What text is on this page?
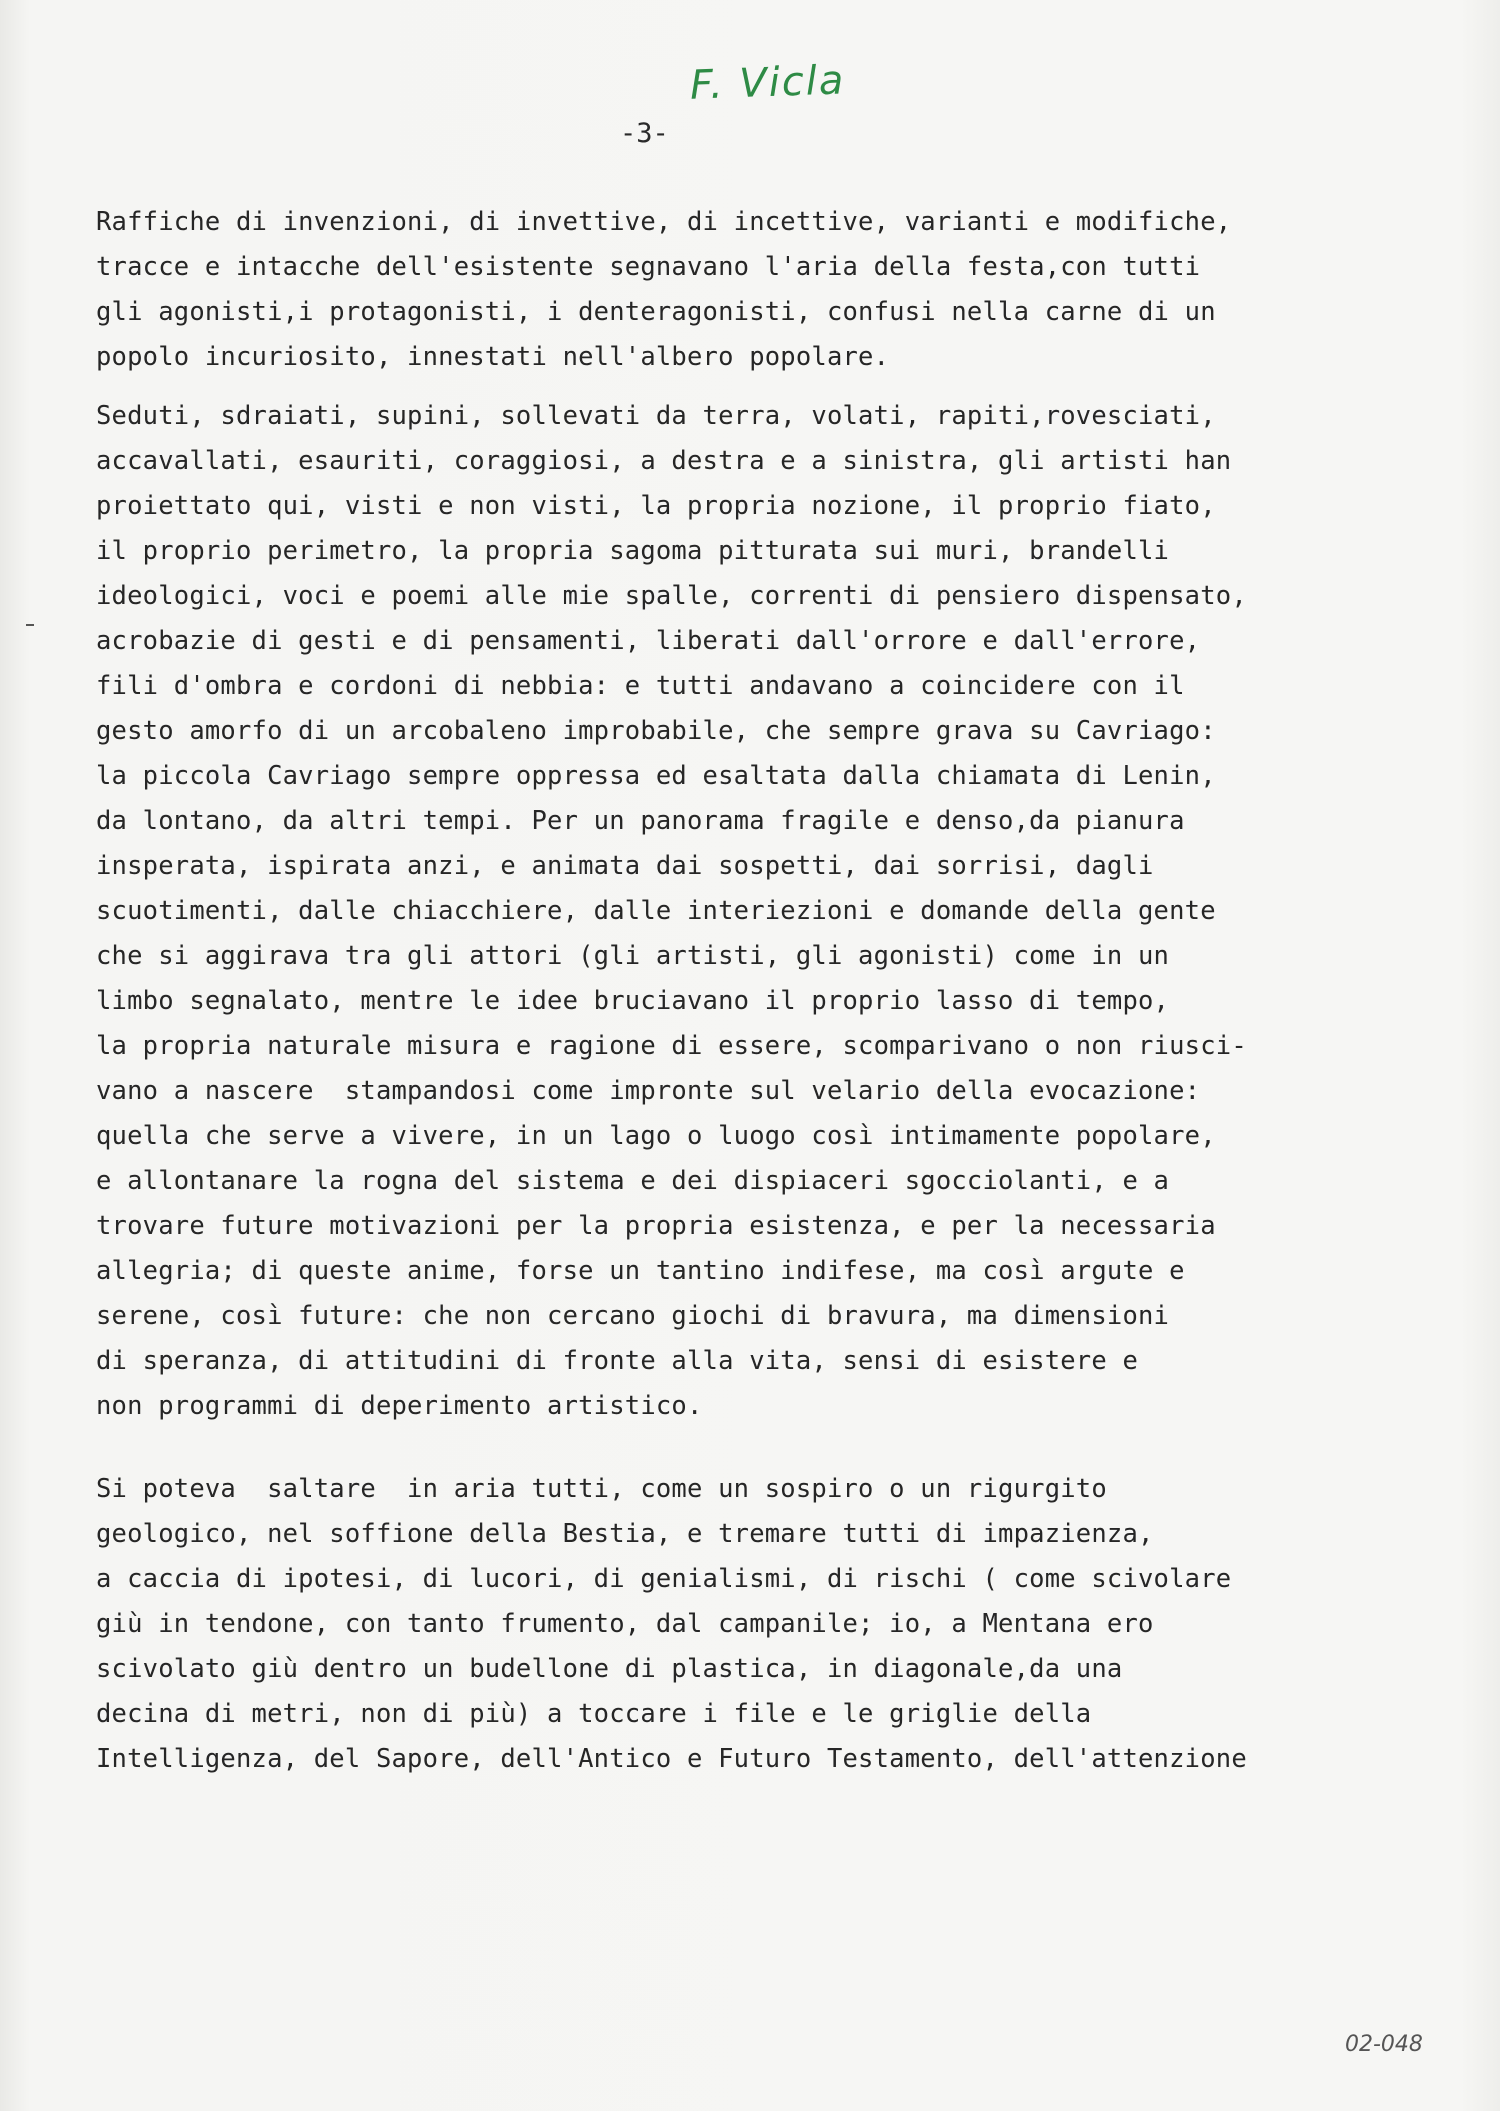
F. Vicla
-3-
Raffiche di invenzioni, di invettive, di incettive, varianti e modifiche,
tracce e intacche dell'esistente segnavano l'aria della festa,con tutti
gli agonisti,i protagonisti, i denteragonisti, confusi nella carne di un
popolo incuriosito, innestati nell'albero popolare.
Seduti, sdraiati, supini, sollevati da terra, volati, rapiti,rovesciati,
accavallati, esauriti, coraggiosi, a destra e a sinistra, gli artisti han
proiettato qui, visti e non visti, la propria nozione, il proprio fiato,
il proprio perimetro, la propria sagoma pitturata sui muri, brandelli
ideologici, voci e poemi alle mie spalle, correnti di pensiero dispensato,
acrobazie di gesti e di pensamenti, liberati dall'orrore e dall'errore,
fili d'ombra e cordoni di nebbia: e tutti andavano a coincidere con il
gesto amorfo di un arcobaleno improbabile, che sempre grava su Cavriago:
la piccola Cavriago sempre oppressa ed esaltata dalla chiamata di Lenin,
da lontano, da altri tempi. Per un panorama fragile e denso,da pianura
insperata, ispirata anzi, e animata dai sospetti, dai sorrisi, dagli
scuotimenti, dalle chiacchiere, dalle interiezioni e domande della gente
che si aggirava tra gli attori (gli artisti, gli agonisti) come in un
limbo segnalato, mentre le idee bruciavano il proprio lasso di tempo,
la propria naturale misura e ragione di essere, scomparivano o non riusci-
vano a nascere  stampandosi come impronte sul velario della evocazione:
quella che serve a vivere, in un lago o luogo così intimamente popolare,
e allontanare la rogna del sistema e dei dispiaceri sgocciolanti, e a
trovare future motivazioni per la propria esistenza, e per la necessaria
allegria; di queste anime, forse un tantino indifese, ma così argute e
serene, così future: che non cercano giochi di bravura, ma dimensioni
di speranza, di attitudini di fronte alla vita, sensi di esistere e
non programmi di deperimento artistico.
Si poteva  saltare  in aria tutti, come un sospiro o un rigurgito
geologico, nel soffione della Bestia, e tremare tutti di impazienza,
a caccia di ipotesi, di lucori, di genialismi, di rischi ( come scivolare
giù in tendone, con tanto frumento, dal campanile; io, a Mentana ero
scivolato giù dentro un budellone di plastica, in diagonale,da una
decina di metri, non di più) a toccare i file e le griglie della
Intelligenza, del Sapore, dell'Antico e Futuro Testamento, dell'attenzione
02-048
